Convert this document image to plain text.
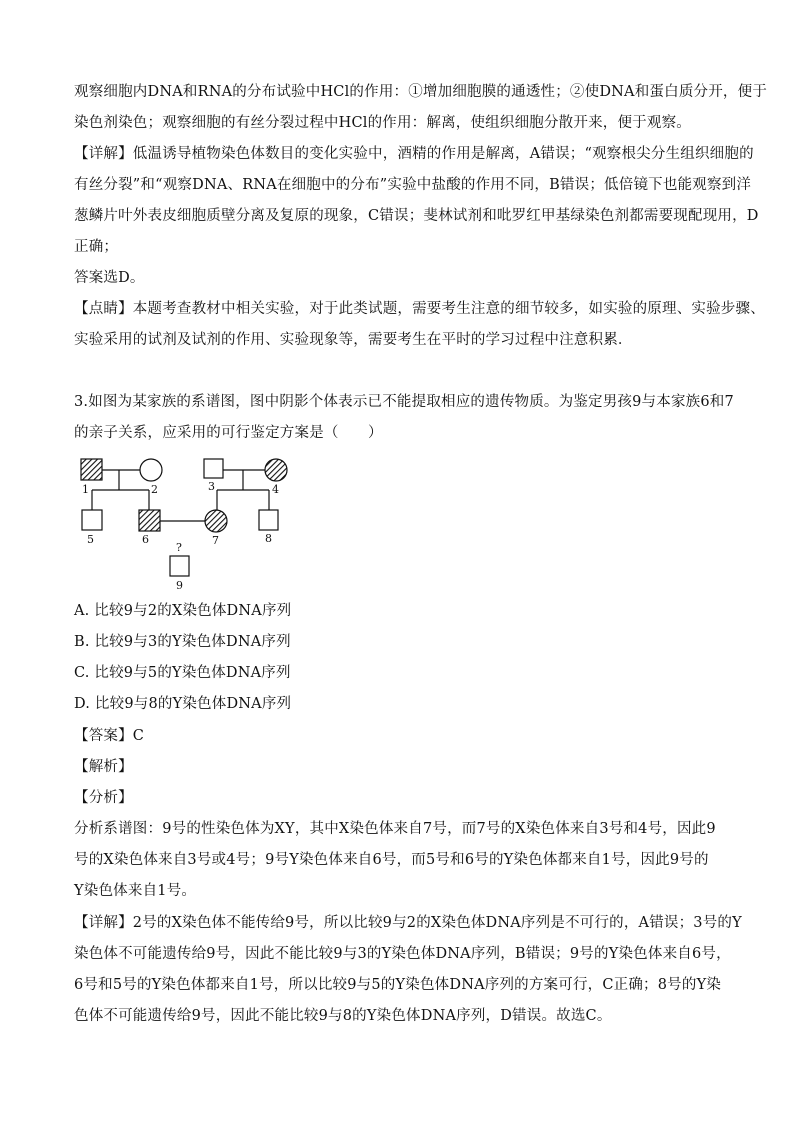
观察细胞内DNA和RNA的分布试验中HCl的作用：①增加细胞膜的通透性；②使DNA和蛋白质分开，便于
染色剂染色；观察细胞的有丝分裂过程中HCl的作用：解离，使组织细胞分散开来，便于观察。
【详解】低温诱导植物染色体数目的变化实验中，酒精的作用是解离，A错误；“观察根尖分生组织细胞的
有丝分裂”和“观察DNA、RNA在细胞中的分布”实验中盐酸的作用不同，B错误；低倍镜下也能观察到洋
葱鳞片叶外表皮细胞质壁分离及复原的现象，C错误；斐林试剂和吡罗红甲基绿染色剂都需要现配现用，D
正确；
答案选D。
【点睛】本题考查教材中相关实验，对于此类试题，需要考生注意的细节较多，如实验的原理、实验步骤、
实验采用的试剂及试剂的作用、实验现象等，需要考生在平时的学习过程中注意积累．
3.如图为某家族的系谱图，图中阴影个体表示已不能提取相应的遗传物质。为鉴定男孩9与本家族6和7
的亲子关系，应采用的可行鉴定方案是（　　）
1	2	3	4
5	6	7	8
?
9
A. 比较9与2的X染色体DNA序列
B. 比较9与3的Y染色体DNA序列
C. 比较9与5的Y染色体DNA序列
D. 比较9与8的Y染色体DNA序列
【答案】C
【解析】
【分析】
分析系谱图：9号的性染色体为XY，其中X染色体来自7号，而7号的X染色体来自3号和4号，因此9
号的X染色体来自3号或4号；9号Y染色体来自6号，而5号和6号的Y染色体都来自1号，因此9号的
Y染色体来自1号。
【详解】2号的X染色体不能传给9号，所以比较9与2的X染色体DNA序列是不可行的，A错误；3号的Y
染色体不可能遗传给9号，因此不能比较9与3的Y染色体DNA序列，B错误；9号的Y染色体来自6号，
6号和5号的Y染色体都来自1号，所以比较9与5的Y染色体DNA序列的方案可行，C正确；8号的Y染
色体不可能遗传给9号，因此不能比较9与8的Y染色体DNA序列，D错误。故选C。
